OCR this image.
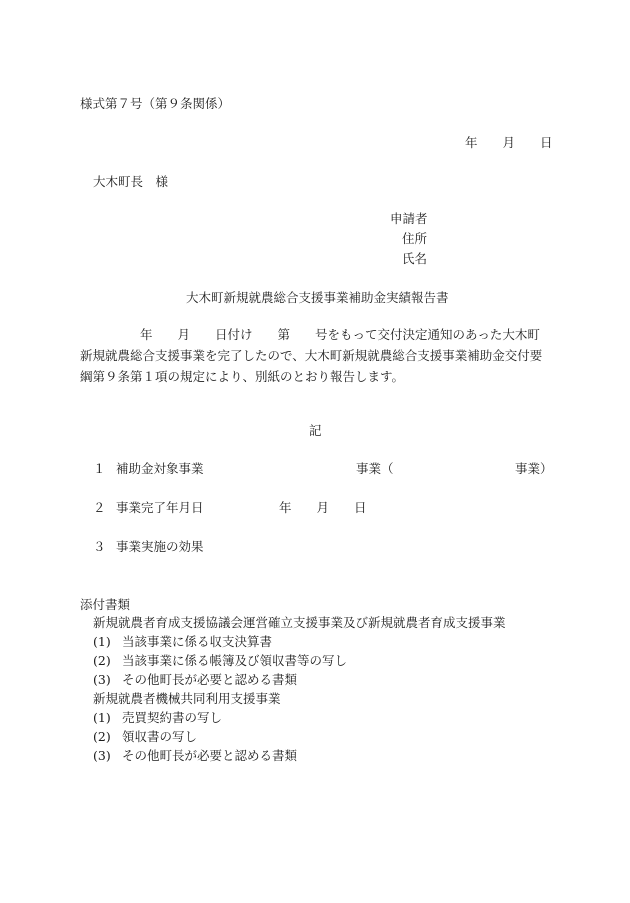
様式第７号（第９条関係）
年　　月　　日
大木町長　様
申請者
住所
氏名
大木町新規就農総合支援事業補助金実績報告書
年　　月　　日付け　　第　　号をもって交付決定通知のあった大木町新規就農総合支援事業を完了したので、大木町新規就農総合支援事業補助金交付要綱第９条第１項の規定により、別紙のとおり報告します。
記
１ 補助金対象事業	事業（	事業）
２ 事業完了年月日	年　　月　　日
３ 事業実施の効果
添付書類
新規就農者育成支援協議会運営確立支援事業及び新規就農者育成支援事業
(1) 当該事業に係る収支決算書
(2) 当該事業に係る帳簿及び領収書等の写し
(3) その他町長が必要と認める書類
新規就農者機械共同利用支援事業
(1) 売買契約書の写し
(2) 領収書の写し
(3) その他町長が必要と認める書類
